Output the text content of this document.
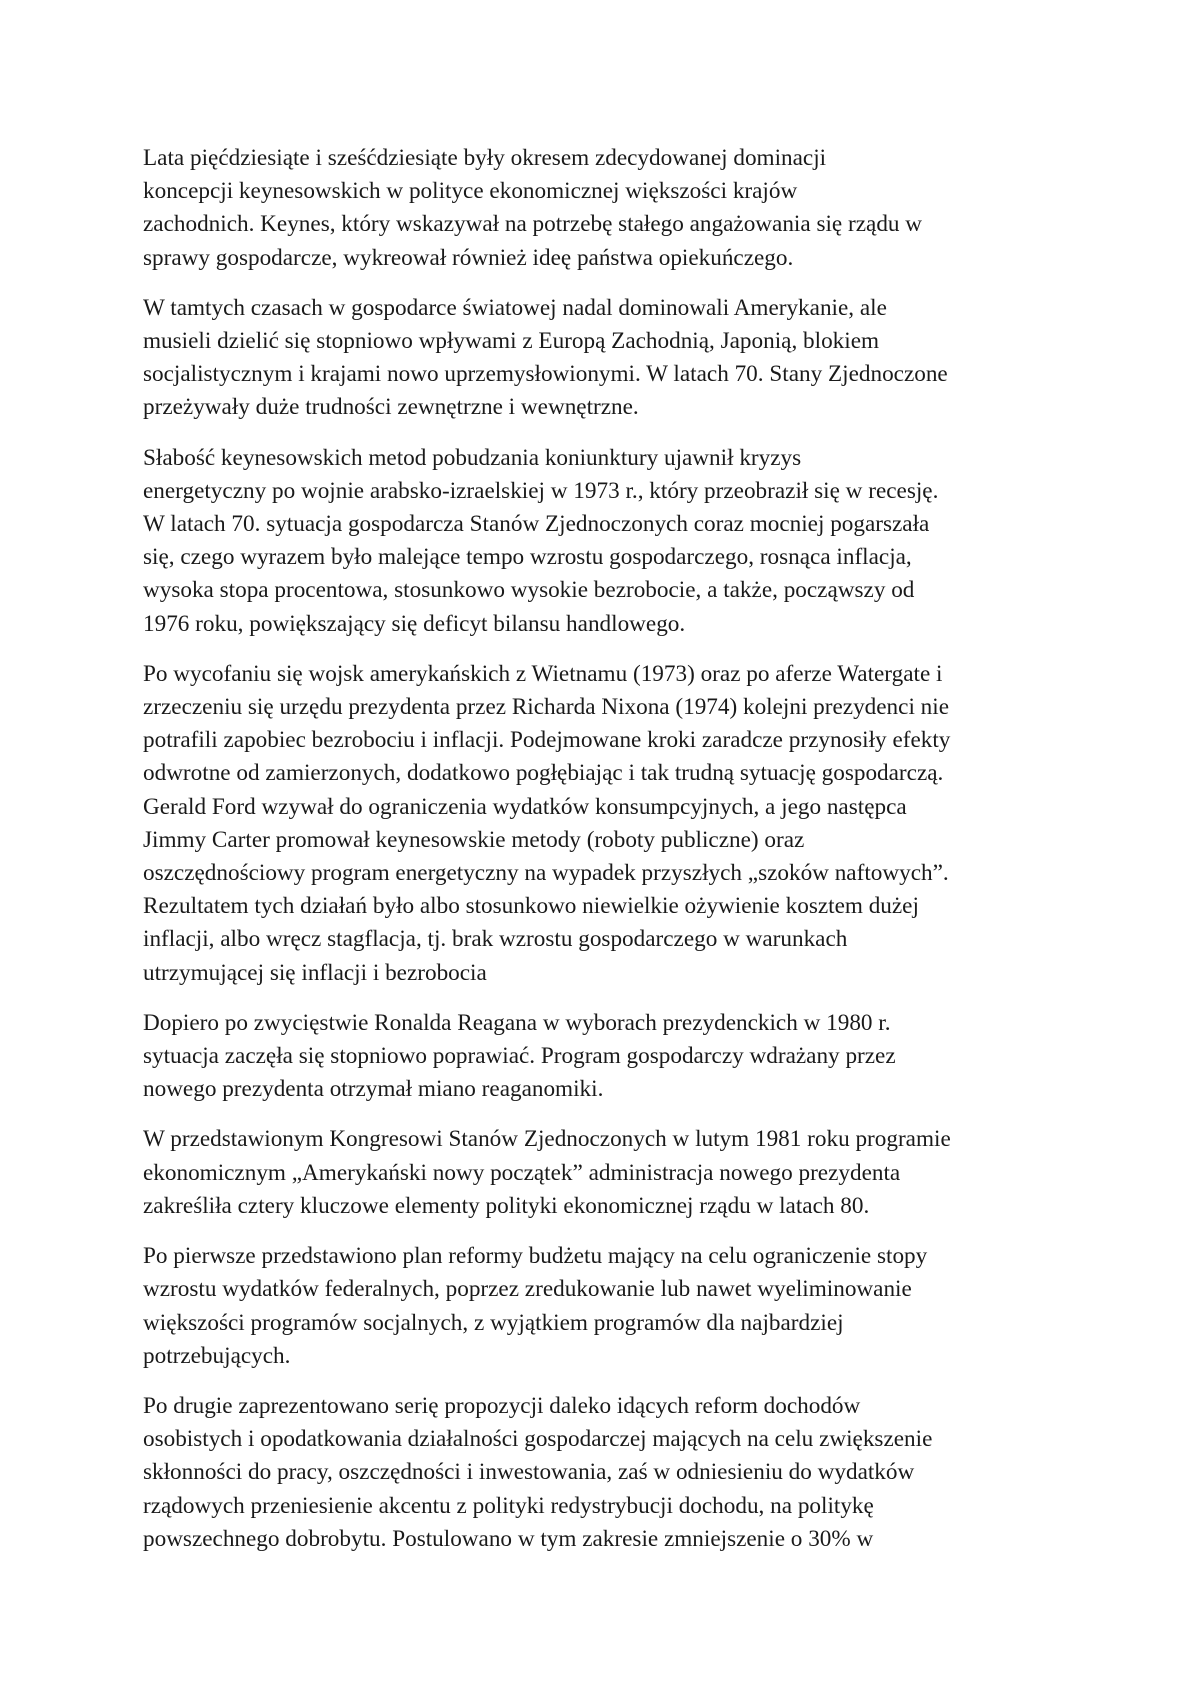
Lata pięćdziesiąte i sześćdziesiąte były okresem zdecydowanej dominacji
koncepcji keynesowskich w polityce ekonomicznej większości krajów
zachodnich. Keynes, który wskazywał na potrzebę stałego angażowania się rządu w
sprawy gospodarcze, wykreował również ideę państwa opiekuńczego.

W tamtych czasach w gospodarce światowej nadal dominowali Amerykanie, ale
musieli dzielić się stopniowo wpływami z Europą Zachodnią, Japonią, blokiem
socjalistycznym i krajami nowo uprzemysłowionymi. W latach 70. Stany Zjednoczone
przeżywały duże trudności zewnętrzne i wewnętrzne.

Słabość keynesowskich metod pobudzania koniunktury ujawnił kryzys
energetyczny po wojnie arabsko-izraelskiej w 1973 r., który przeobraził się w recesję.
W latach 70. sytuacja gospodarcza Stanów Zjednoczonych coraz mocniej pogarszała
się, czego wyrazem było malejące tempo wzrostu gospodarczego, rosnąca inflacja,
wysoka stopa procentowa, stosunkowo wysokie bezrobocie, a także, począwszy od
1976 roku, powiększający się deficyt bilansu handlowego.

Po wycofaniu się wojsk amerykańskich z Wietnamu (1973) oraz po aferze Watergate i
zrzeczeniu się urzędu prezydenta przez Richarda Nixona (1974) kolejni prezydenci nie
potrafili zapobiec bezrobociu i inflacji. Podejmowane kroki zaradcze przynosiły efekty
odwrotne od zamierzonych, dodatkowo pogłębiając i tak trudną sytuację gospodarczą.
Gerald Ford wzywał do ograniczenia wydatków konsumpcyjnych, a jego następca
Jimmy Carter promował keynesowskie metody (roboty publiczne) oraz
oszczędnościowy program energetyczny na wypadek przyszłych „szoków naftowych”.
Rezultatem tych działań było albo stosunkowo niewielkie ożywienie kosztem dużej
inflacji, albo wręcz stagflacja, tj. brak wzrostu gospodarczego w warunkach
utrzymującej się inflacji i bezrobocia

Dopiero po zwycięstwie Ronalda Reagana w wyborach prezydenckich w 1980 r.
sytuacja zaczęła się stopniowo poprawiać. Program gospodarczy wdrażany przez
nowego prezydenta otrzymał miano reaganomiki.

W przedstawionym Kongresowi Stanów Zjednoczonych w lutym 1981 roku programie
ekonomicznym „Amerykański nowy początek” administracja nowego prezydenta
zakreśliła cztery kluczowe elementy polityki ekonomicznej rządu w latach 80.

Po pierwsze przedstawiono plan reformy budżetu mający na celu ograniczenie stopy
wzrostu wydatków federalnych, poprzez zredukowanie lub nawet wyeliminowanie
większości programów socjalnych, z wyjątkiem programów dla najbardziej
potrzebujących.

Po drugie zaprezentowano serię propozycji daleko idących reform dochodów
osobistych i opodatkowania działalności gospodarczej mających na celu zwiększenie
skłonności do pracy, oszczędności i inwestowania, zaś w odniesieniu do wydatków
rządowych przeniesienie akcentu z polityki redystrybucji dochodu, na politykę
powszechnego dobrobytu. Postulowano w tym zakresie zmniejszenie o 30% w
